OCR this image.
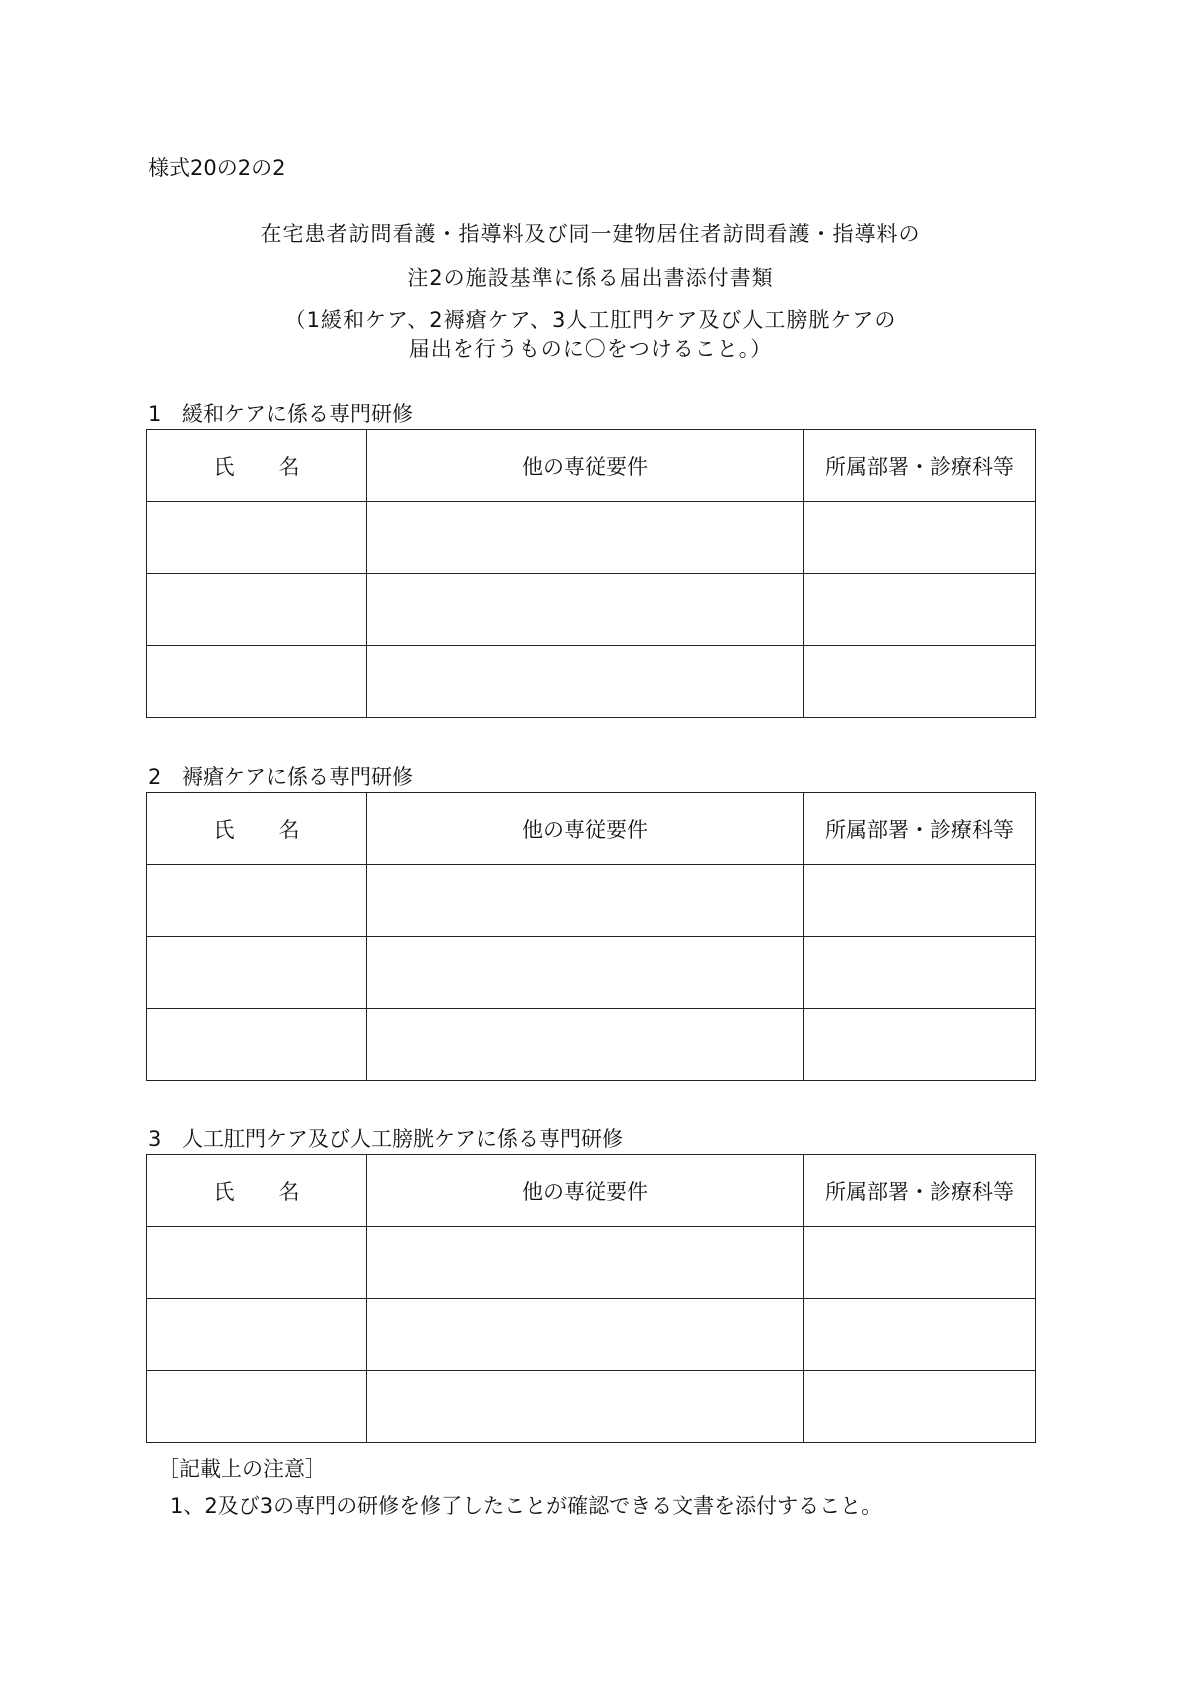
様式20の2の2
在宅患者訪問看護・指導料及び同一建物居住者訪問看護・指導料の
注2の施設基準に係る届出書添付書類
（1緩和ケア、2褥瘡ケア、3人工肛門ケア及び人工膀胱ケアの
届出を行うものに〇をつけること。）
1 緩和ケアに係る専門研修
氏 名	他の専従要件	所属部署・診療科等

2 褥瘡ケアに係る専門研修
氏 名	他の専従要件	所属部署・診療科等

3 人工肛門ケア及び人工膀胱ケアに係る専門研修
氏 名	他の専従要件	所属部署・診療科等

［記載上の注意］
1、2及び3の専門の研修を修了したことが確認できる文書を添付すること。
